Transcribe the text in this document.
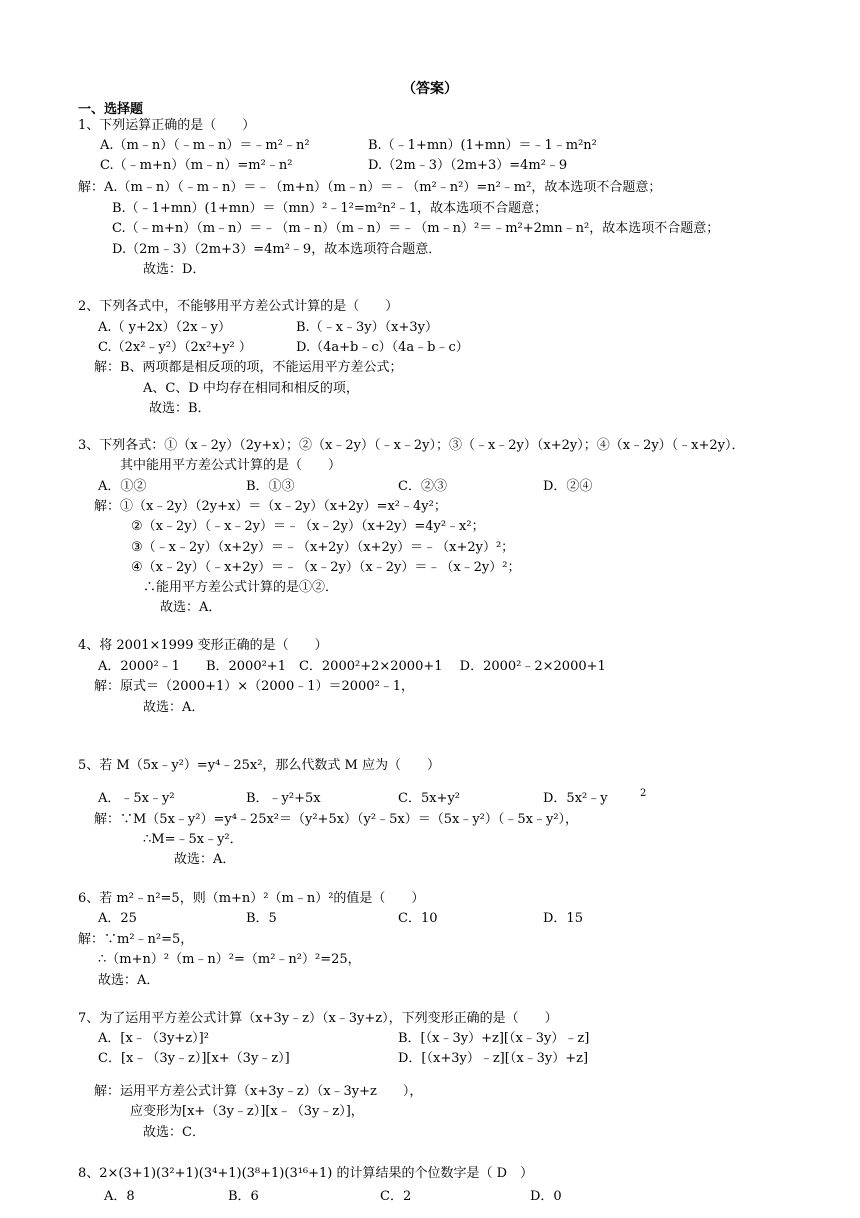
（答案）
一、选择题
1、下列运算正确的是（　　）
A.（m﹣n）（﹣m﹣n）＝﹣m²﹣n²	B.（﹣1+mn）(1+mn）＝﹣1﹣m²n²
C.（﹣m+n）（m﹣n）=m²﹣n²	D.（2m﹣3）（2m+3）=4m²﹣9
解：A.（m﹣n）（﹣m﹣n）＝﹣（m+n）（m﹣n）＝﹣（m²﹣n²）=n²﹣m²，故本选项不合题意；
B.（﹣1+mn）(1+mn）＝（mn）²﹣1²=m²n²﹣1，故本选项不合题意；
C.（﹣m+n）（m﹣n）＝﹣（m﹣n）（m﹣n）＝﹣（m﹣n）²＝﹣m²+2mn﹣n²，故本选项不合题意；
D.（2m﹣3）（2m+3）=4m²﹣9，故本选项符合题意．
故选：D．
2、下列各式中，不能够用平方差公式计算的是（　　）
A.（ y+2x）（2x﹣y）	B.（﹣x﹣3y）（x+3y）
C.（2x²﹣y²）（2x²+y² ）	D.（4a+b﹣c）（4a﹣b﹣c）
解：B、两项都是相反项的项，不能运用平方差公式；
A、C、D 中均存在相同和相反的项，
故选：B．
3、下列各式：①（x﹣2y）（2y+x）；②（x﹣2y）（﹣x﹣2y）；③（﹣x﹣2y）（x+2y）；④（x﹣2y）（﹣x+2y）．
其中能用平方差公式计算的是（　　）
A．①②	B．①③	C．②③	D．②④
解：①（x﹣2y）（2y+x）＝（x﹣2y）（x+2y）=x²﹣4y²；
②（x﹣2y）（﹣x﹣2y）＝﹣（x﹣2y）（x+2y）=4y²﹣x²；
③（﹣x﹣2y）（x+2y）＝﹣（x+2y）（x+2y）＝﹣（x+2y）²；
④（x﹣2y）（﹣x+2y）＝﹣（x﹣2y）（x﹣2y）＝﹣（x﹣2y）²；
∴能用平方差公式计算的是①②．
故选：A．
4、将 2001×1999 变形正确的是（　　）
A．2000²﹣1　　B．2000²+1　C．2000²+2×2000+1　 D．2000²﹣2×2000+1
解：原式＝（2000+1）×（2000﹣1）＝2000²﹣1，
故选：A．
5、若 M（5x﹣y²）=y⁴﹣25x²，那么代数式 M 应为（　　）
A．﹣5x﹣y²	B．﹣y²+5x	C．5x+y²	D．5x²﹣y	2
解：∵M（5x﹣y²）=y⁴﹣25x²＝（y²+5x）（y²﹣5x）＝（5x﹣y²）（﹣5x﹣y²），
∴M=﹣5x﹣y²．
故选：A．
6、若 m²﹣n²=5，则（m+n）²（m﹣n）²的值是（　　）
A．25	B．5	C．10	D．15
解：∵m²﹣n²=5，
∴（m+n）²（m﹣n）²=（m²﹣n²）²=25，
故选：A．
7、为了运用平方差公式计算（x+3y﹣z）（x﹣3y+z），下列变形正确的是（　　）
A．[x﹣（3y+z）]²	B．[（x﹣3y）+z][（x﹣3y）﹣z]
C．[x﹣（3y﹣z）][x+（3y﹣z）]	D．[（x+3y）﹣z][（x﹣3y）+z]
解：运用平方差公式计算（x+3y﹣z）（x﹣3y+z　　），
应变形为[x+（3y﹣z）][x﹣（3y﹣z）]，
故选：C．
8、2×(3+1)(3²+1)(3⁴+1)(3⁸+1)(3¹⁶+1) 的计算结果的个位数字是（ D　）
A．8	B．6	C．2	D．0
